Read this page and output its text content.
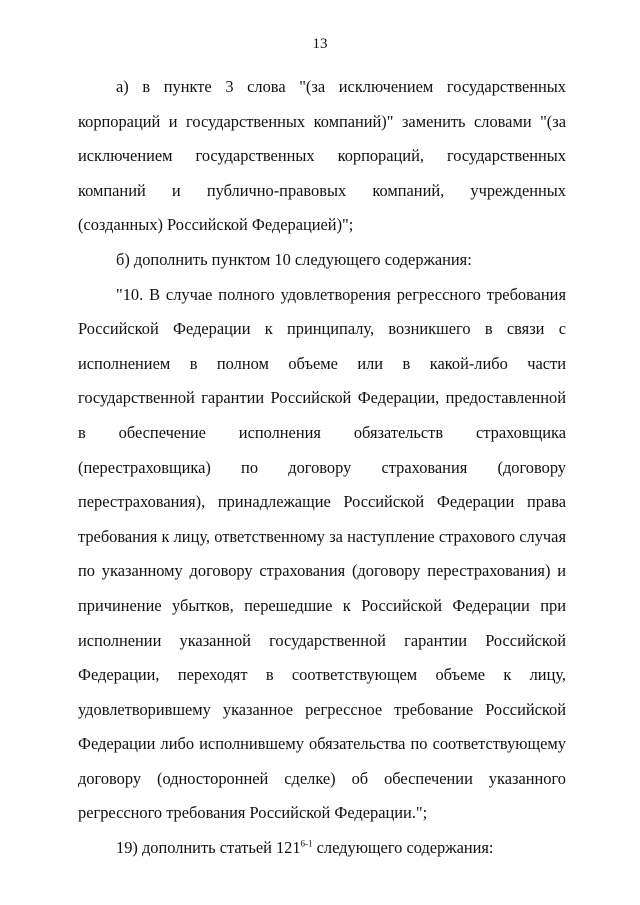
13

а) в пункте 3 слова "(за исключением государственных корпораций и государственных компаний)" заменить словами "(за исключением государственных корпораций, государственных компаний и публично-правовых компаний, учрежденных (созданных) Российской Федерацией)";

б) дополнить пунктом 10 следующего содержания:

"10. В случае полного удовлетворения регрессного требования Российской Федерации к принципалу, возникшего в связи с исполнением в полном объеме или в какой-либо части государственной гарантии Российской Федерации, предоставленной в обеспечение исполнения обязательств страховщика (перестраховщика) по договору страхования (договору перестрахования), принадлежащие Российской Федерации права требования к лицу, ответственному за наступление страхового случая по указанному договору страхования (договору перестрахования) и причинение убытков, перешедшие к Российской Федерации при исполнении указанной государственной гарантии Российской Федерации, переходят в соответствующем объеме к лицу, удовлетворившему указанное регрессное требование Российской Федерации либо исполнившему обязательства по соответствующему договору (односторонней сделке) об обеспечении указанного регрессного требования Российской Федерации.";

19) дополнить статьей 121$^{6-1}$ следующего содержания:
